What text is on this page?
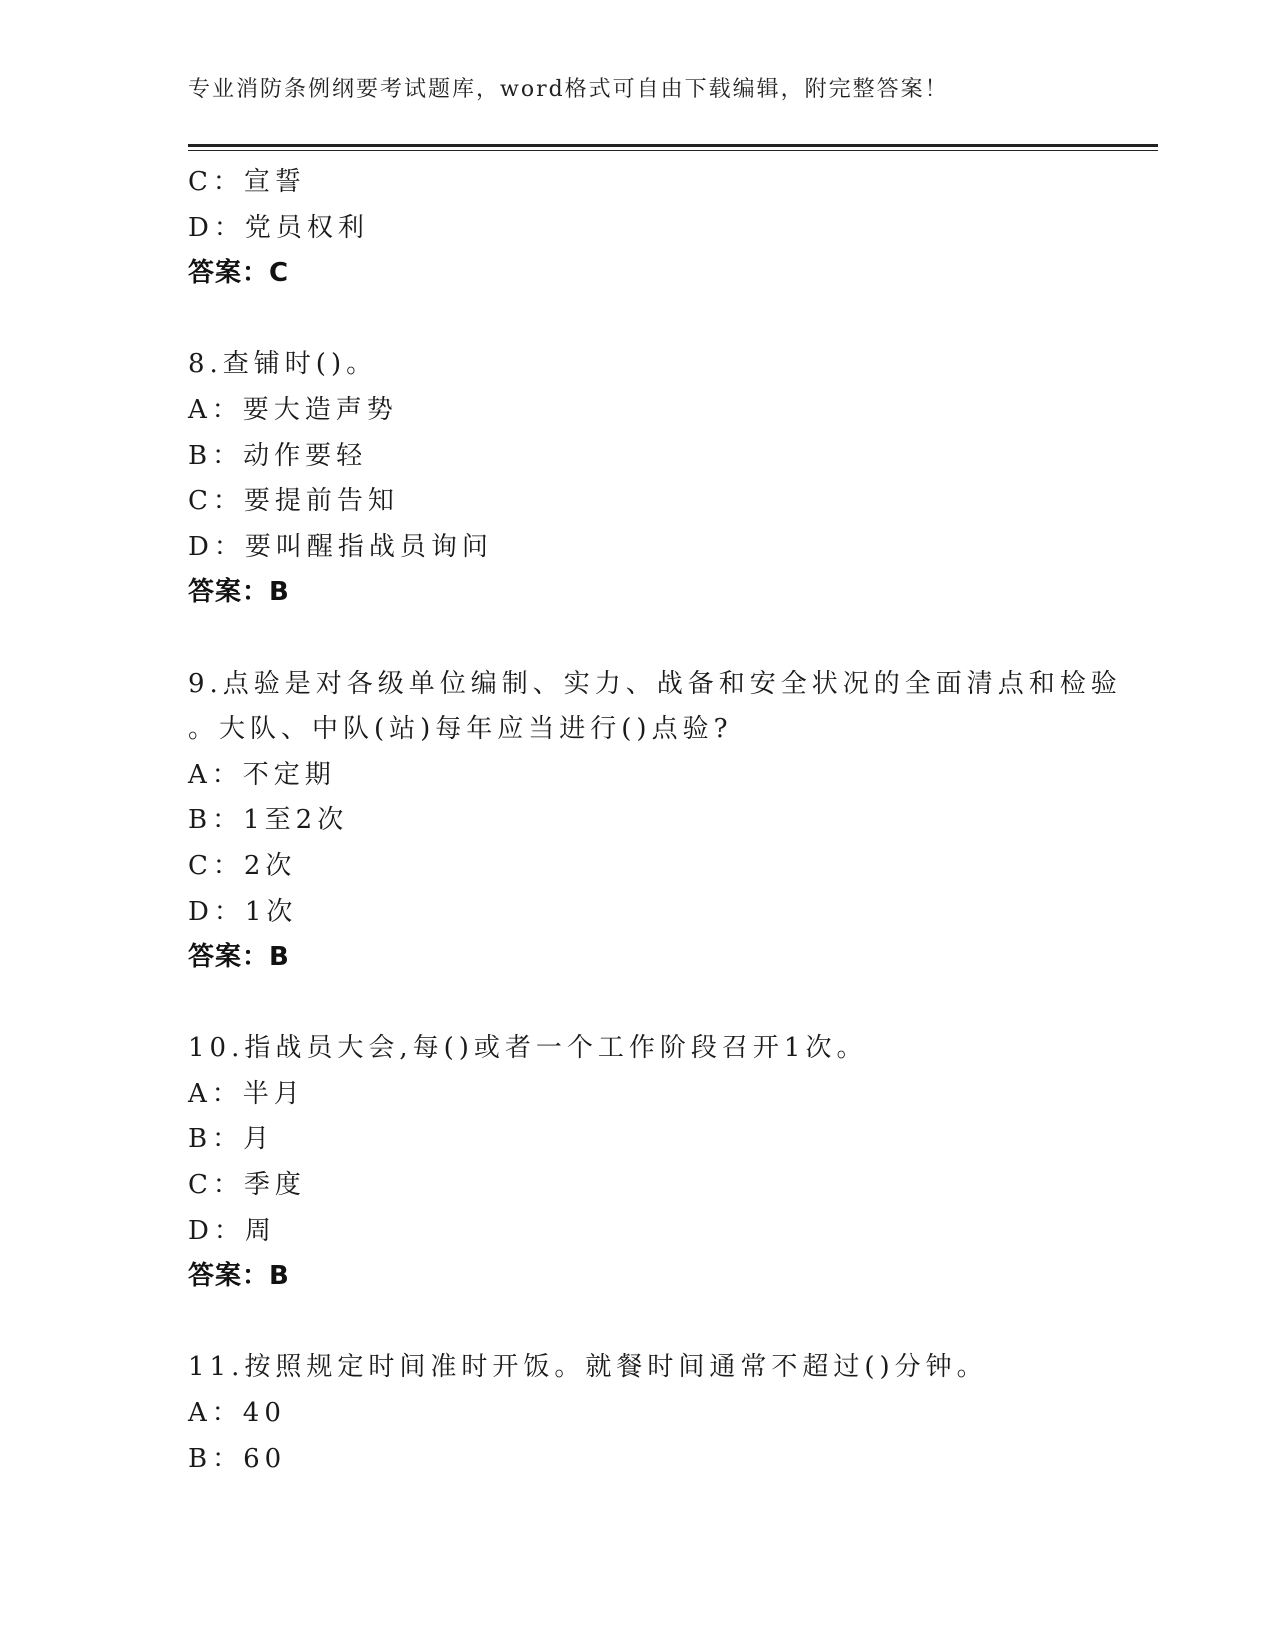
专业消防条例纲要考试题库，word格式可自由下载编辑，附完整答案！
C：宣誓
D：党员权利
答案：C
8.查铺时()。
A：要大造声势
B：动作要轻
C：要提前告知
D：要叫醒指战员询问
答案：B
9.点验是对各级单位编制、实力、战备和安全状况的全面清点和检验
。大队、中队(站)每年应当进行()点验?
A：不定期
B：1至2次
C：2次
D：1次
答案：B
10.指战员大会,每()或者一个工作阶段召开1次。
A：半月
B：月
C：季度
D：周
答案：B
11.按照规定时间准时开饭。就餐时间通常不超过()分钟。
A：40
B：60
